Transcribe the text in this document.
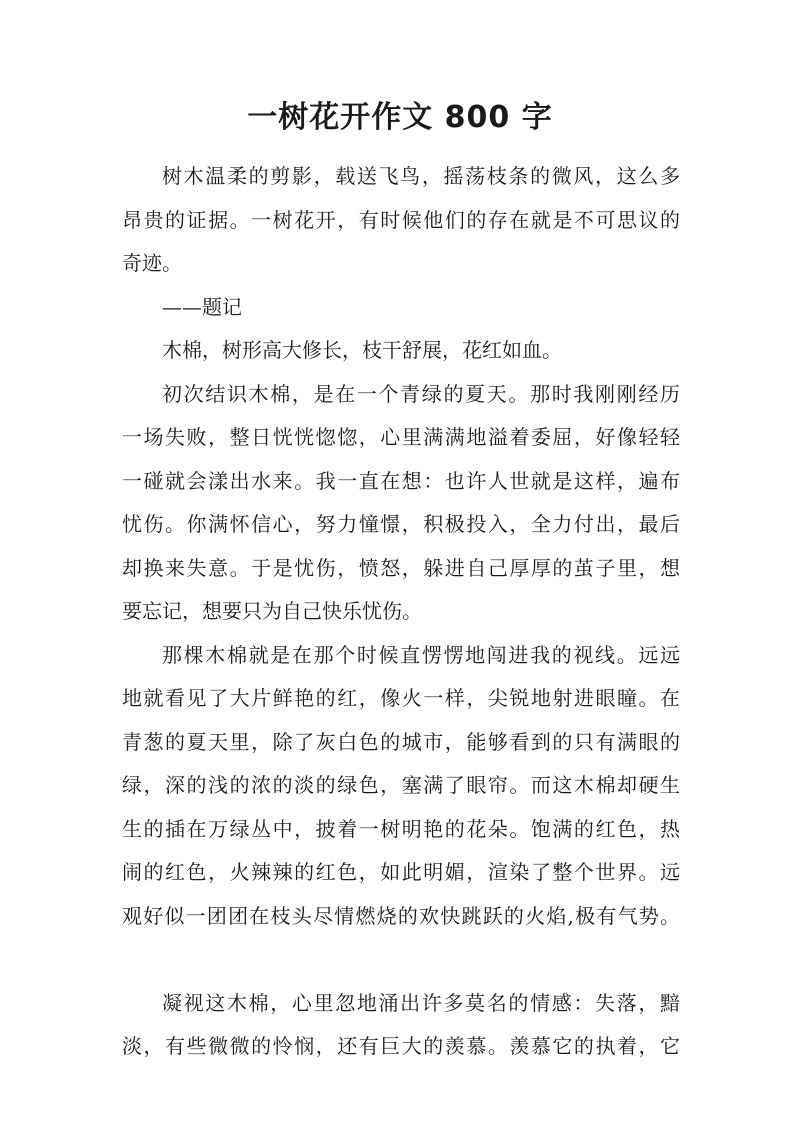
一树花开作文 800 字
树木温柔的剪影，载送飞鸟，摇荡枝条的微风，这么多
昂贵的证据。一树花开，有时候他们的存在就是不可思议的
奇迹。
——题记
木棉，树形高大修长，枝干舒展，花红如血。
初次结识木棉，是在一个青绿的夏天。那时我刚刚经历
一场失败，整日恍恍惚惚，心里满满地溢着委屈，好像轻轻
一碰就会漾出水来。我一直在想：也许人世就是这样，遍布
忧伤。你满怀信心，努力憧憬，积极投入，全力付出，最后
却换来失意。于是忧伤，愤怒，躲进自己厚厚的茧子里，想
要忘记，想要只为自己快乐忧伤。
那棵木棉就是在那个时候直愣愣地闯进我的视线。远远
地就看见了大片鲜艳的红，像火一样，尖锐地射进眼瞳。在
青葱的夏天里，除了灰白色的城市，能够看到的只有满眼的
绿，深的浅的浓的淡的绿色，塞满了眼帘。而这木棉却硬生
生的插在万绿丛中，披着一树明艳的花朵。饱满的红色，热
闹的红色，火辣辣的红色，如此明媚，渲染了整个世界。远
观好似一团团在枝头尽情燃烧的欢快跳跃的火焰,极有气势。
凝视这木棉，心里忽地涌出许多莫名的情感：失落，黯
淡，有些微微的怜悯，还有巨大的羡慕。羡慕它的执着，它
